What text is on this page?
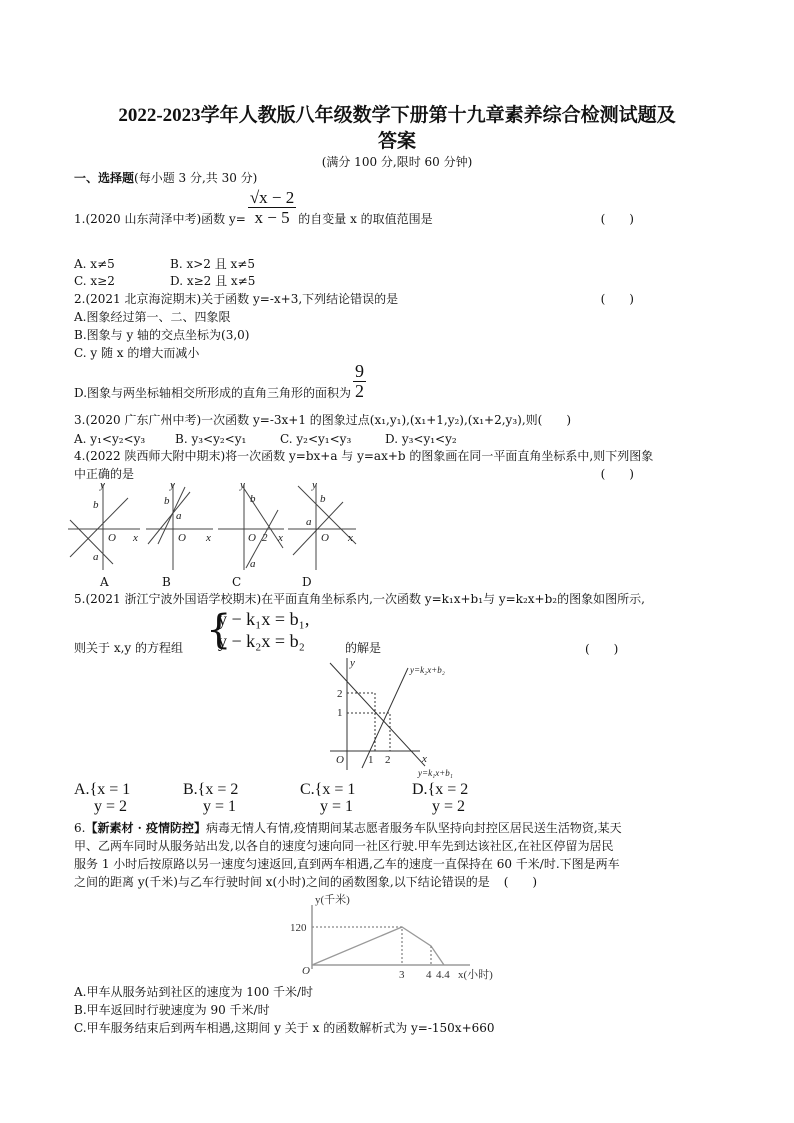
2022-2023学年人教版八年级数学下册第十九章素养综合检测试题及
答案
(满分 100 分,限时 60 分钟)
一、选择题(每小题 3 分,共 30 分)
1.(2020 山东菏泽中考)函数 $y= \frac{√x - 2}{x - 5}$ 的自变量 x 的取值范围是	(　　)
A. x≠5	B. x>2 且 x≠5
C. x≥2	D. x≥2 且 x≠5
2.(2021 北京海淀期末)关于函数 y=-x+3,下列结论错误的是	(　　)
A.图象经过第一、二、四象限
B.图象与 y 轴的交点坐标为(3,0)
C. y 随 x 的增大而减小
D.图象与两坐标轴相交所形成的直角三角形的面积为 $\frac{9}{2}$
3.(2020 广东广州中考)一次函数 y=-3x+1 的图象过点(x₁,y₁),(x₁+1,y₂),(x₁+2,y₃),则(　　)
A. y₁<y₂<y₃ B. y₃<y₂<y₁	C. y₂<y₁<y₃	D. y₃<y₁<y₂
4.(2022 陕西师大附中期末)将一次函数 y=bx+a 与 y=ax+b 的图象画在同一平面直角坐标系中,则下列图象
中正确的是	(　　)
y
b
a
O x
y
b
a
O x
y
b
a
O 2 x
y
b
a
O x
A	B	C	D
5.(2021 浙江宁波外国语学校期末)在平面直角坐标系内,一次函数 y=k₁x+b₁与 y=k₂x+b₂的图象如图所示,
{
y − k₁x = b₁,
y − k₂x = b₂
则关于 x,y 的方程组	的解是	(　　)
y
x
O
1
2
1 2
y=k₂x+b₂
y=k₁x+b₁
A.{x = 1
y = 2
B.{x = 2
y = 1
C.{x = 1
y = 1
D.{x = 2
y = 2
6.【新素材 · 疫情防控】病毒无情人有情,疫情期间某志愿者服务车队坚持向封控区居民送生活物资,某天
甲、乙两车同时从服务站出发,以各自的速度匀速向同一社区行驶.甲车先到达该社区,在社区停留为居民
服务 1 小时后按原路以另一速度匀速返回,直到两车相遇,乙车的速度一直保持在 60 千米/时.下图是两车
之间的距离 y(千米)与乙车行驶时间 x(小时)之间的函数图象,以下结论错误的是 (　　)
y(千米)
120
O	3 4 4.4 x(小时)
A.甲车从服务站到社区的速度为 100 千米/时
B.甲车返回时行驶速度为 90 千米/时
C.甲车服务结束后到两车相遇,这期间 y 关于 x 的函数解析式为 y=-150x+660
